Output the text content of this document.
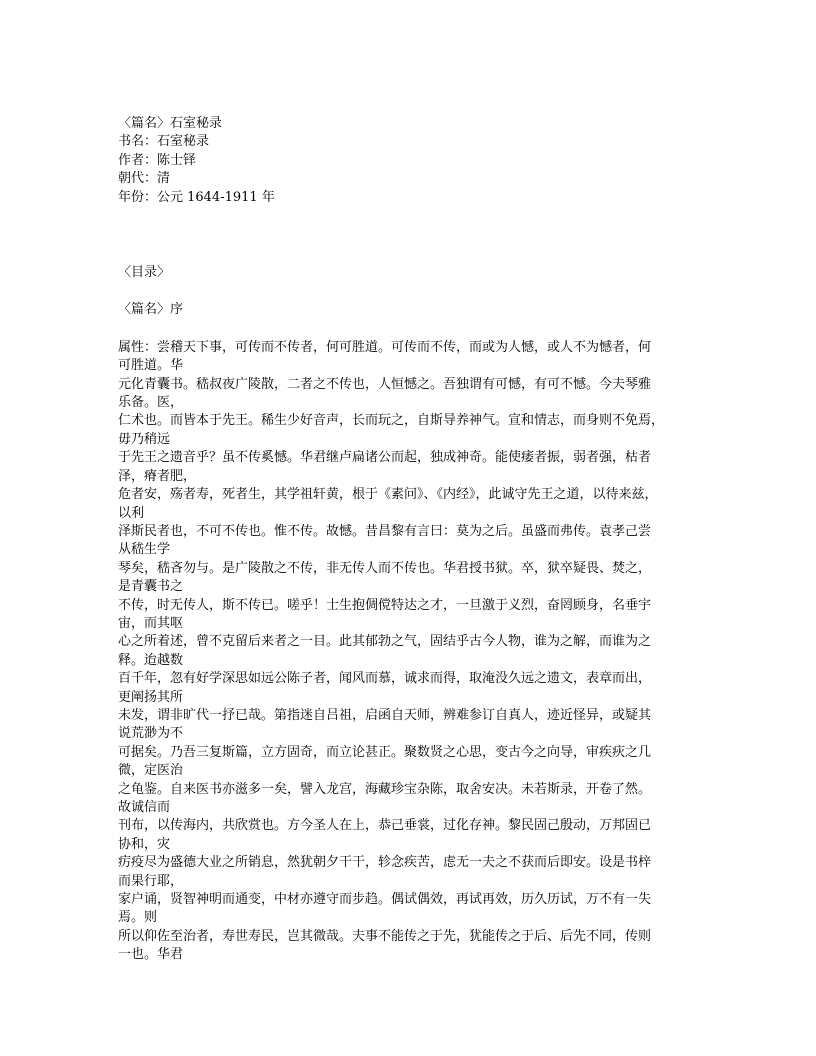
〈篇名〉石室秘录
书名：石室秘录
作者：陈士铎
朝代：清
年份：公元 1644-1911 年
〈目录〉
〈篇名〉序
属性：尝稽天下事，可传而不传者，何可胜道。可传而不传，而或为人憾，或人不为憾者，何
可胜道。华
元化青囊书。嵇叔夜广陵散，二者之不传也，人恒憾之。吾独谓有可憾，有可不憾。今夫琴雅
乐备。医，
仁术也。而皆本于先王。稀生少好音声，长而玩之，自斯导养神气。宣和情志，而身则不免焉，
毋乃稍远
于先王之遗音乎？虽不传奚憾。华君继卢扁诸公而起，独成神奇。能使痿者振，弱者强，枯者
泽，瘠者肥，
危者安，殇者寿，死者生，其学祖轩黄，根于《素问》、《内经》，此诚守先王之道，以待来兹，
以利
泽斯民者也，不可不传也。惟不传。故憾。昔昌黎有言曰：莫为之后。虽盛而弗传。袁孝己尝
从嵇生学
琴矣，嵇吝勿与。是广陵散之不传，非无传人而不传也。华君授书狱。卒，狱卒疑畏、焚之，
是青囊书之
不传，时无传人，斯不传已。嗟乎！士生抱倜傥特达之才，一旦激于义烈，奋罔顾身，名垂宇
宙，而其呕
心之所着述，曾不克留后来者之一目。此其郁勃之气，固结乎古今人物，谁为之解，而谁为之
释。迨越数
百千年，忽有好学深思如远公陈子者，闻风而慕，诚求而得，取淹没久远之遗文，表章而出，
更阐扬其所
未发，谓非旷代一抒已哉。第指迷自吕祖，启函自天师，辨难参订自真人，迹近怪异，或疑其
说荒渺为不
可据矣。乃吾三复斯篇，立方固奇，而立论甚正。聚数贤之心思，变古今之向导，审疾疢之几
微，定医治
之龟鉴。自来医书亦滋多一矣，譬入龙宫，海藏珍宝杂陈，取舍安决。未若斯录，开卷了然。
故诚信而
刊布，以传海内，共欣赏也。方今圣人在上，恭己垂裳，过化存神。黎民固己殷动，万邦固已
协和，灾
疠疫尽为盛德大业之所销息，然犹朝夕干干，轸念疾苦，虑无一夫之不获而后即安。设是书梓
而果行耶，
家户诵，贤智神明而通变，中材亦遵守而步趋。偶试偶效，再试再效，历久历试，万不有一失
焉。则
所以仰佐至治者，寿世寿民，岂其微哉。夫事不能传之于先，犹能传之于后、后先不同，传则
一也。华君
